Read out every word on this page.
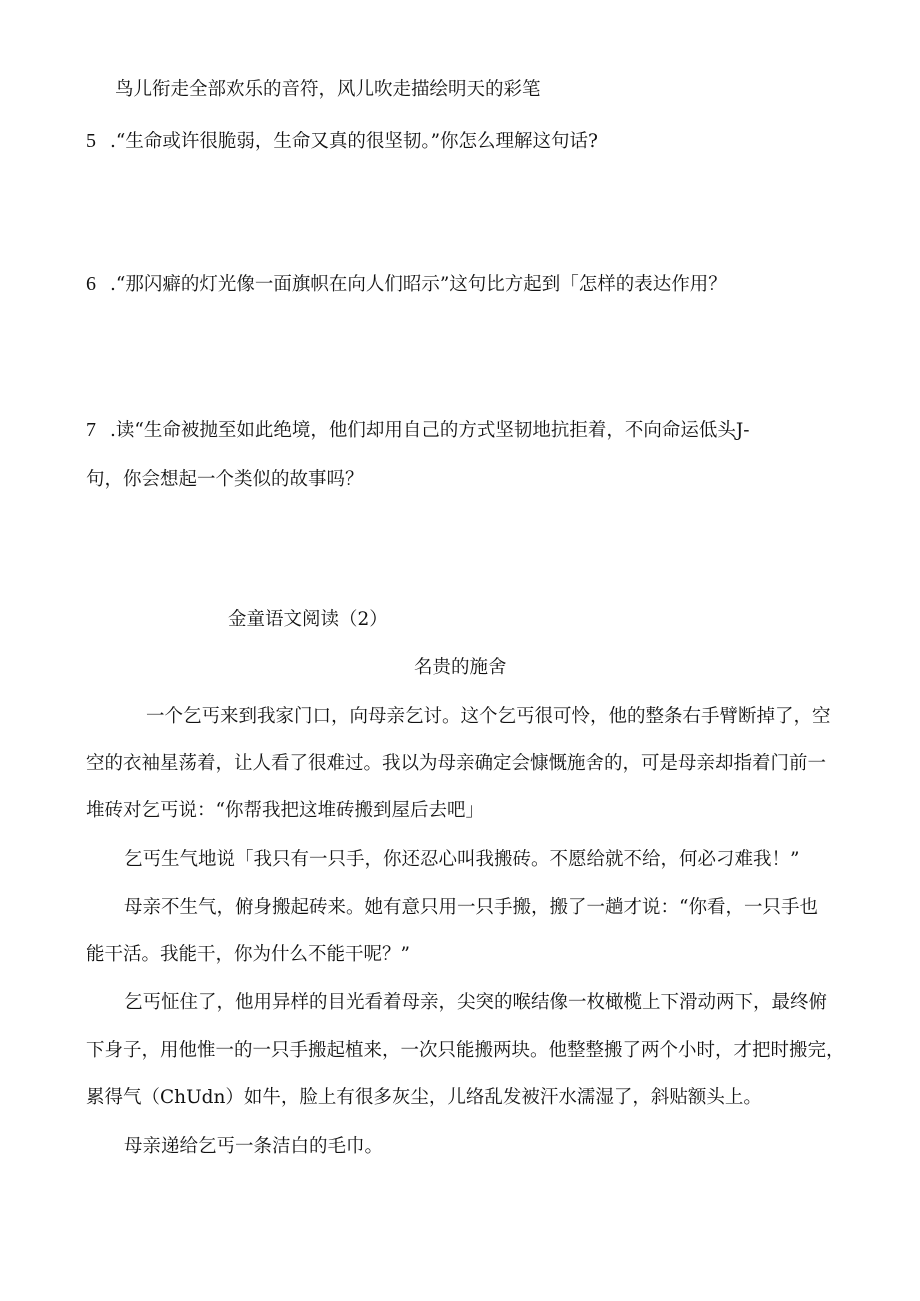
鸟儿衔走全部欢乐的音符，风儿吹走描绘明天的彩笔
5 .“生命或许很脆弱，生命又真的很坚韧。”你怎么理解这句话?
6 .“那闪癖的灯光像一面旗帜在向人们昭示”这句比方起到「怎样的表达作用？
7 .读“生命被抛至如此绝境，他们却用自己的方式坚韧地抗拒着，不向命运低头J-
句，你会想起一个类似的故事吗？
金童语文阅读（2）
名贵的施舍
一个乞丐来到我家门口，向母亲乞讨。这个乞丐很可怜，他的整条右手臂断掉了，空
空的衣袖星荡着，让人看了很难过。我以为母亲确定会慷慨施舍的，可是母亲却指着门前一
堆砖对乞丐说：“你帮我把这堆砖搬到屋后去吧」
乞丐生气地说「我只有一只手，你还忍心叫我搬砖。不愿给就不给，何必刁难我！”
母亲不生气，俯身搬起砖来。她有意只用一只手搬，搬了一趟才说：“你看，一只手也
能干活。我能干，你为什么不能干呢？”
乞丐怔住了，他用异样的目光看着母亲，尖突的喉结像一枚橄榄上下滑动两下，最终俯
下身子，用他惟一的一只手搬起植来，一次只能搬两块。他整整搬了两个小时，才把时搬完，
累得气（ChUdn）如牛，脸上有很多灰尘，儿络乱发被汗水濡湿了，斜贴额头上。
母亲递给乞丐一条洁白的毛巾。
